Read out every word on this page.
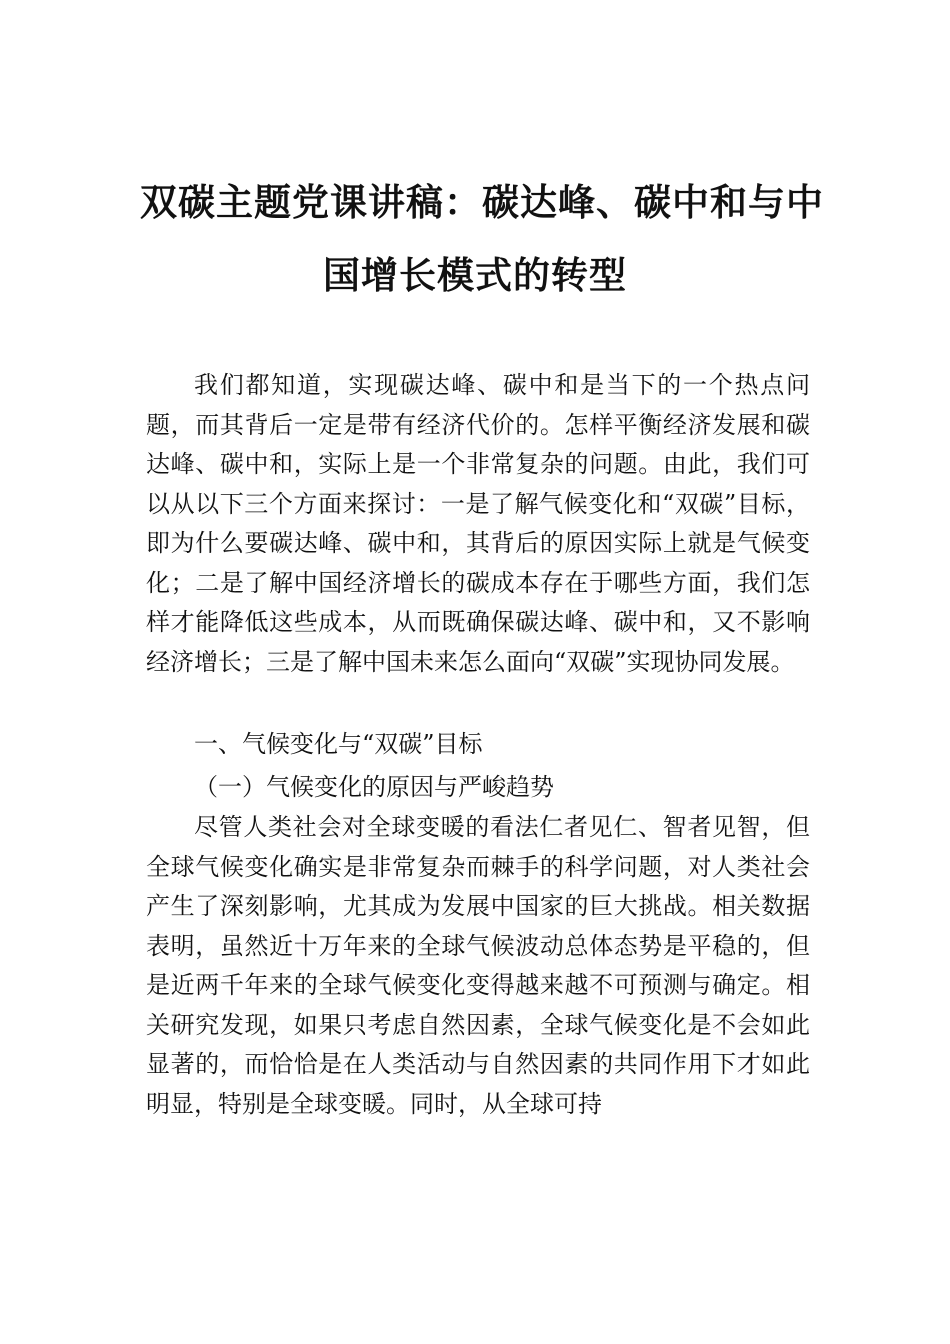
双碳主题党课讲稿：碳达峰、碳中和与中
国增长模式的转型

我们都知道，实现碳达峰、碳中和是当下的一个热点问题，而其背后一定是带有经济代价的。怎样平衡经济发展和碳达峰、碳中和，实际上是一个非常复杂的问题。由此，我们可以从以下三个方面来探讨：一是了解气候变化和“双碳”目标，即为什么要碳达峰、碳中和，其背后的原因实际上就是气候变化；二是了解中国经济增长的碳成本存在于哪些方面，我们怎样才能降低这些成本，从而既确保碳达峰、碳中和，又不影响经济增长；三是了解中国未来怎么面向“双碳”实现协同发展。

一、气候变化与“双碳”目标

（一）气候变化的原因与严峻趋势

尽管人类社会对全球变暖的看法仁者见仁、智者见智，但全球气候变化确实是非常复杂而棘手的科学问题，对人类社会产生了深刻影响，尤其成为发展中国家的巨大挑战。相关数据表明，虽然近十万年来的全球气候波动总体态势是平稳的，但是近两千年来的全球气候变化变得越来越不可预测与确定。相关研究发现，如果只考虑自然因素，全球气候变化是不会如此显著的，而恰恰是在人类活动与自然因素的共同作用下才如此明显，特别是全球变暖。同时，从全球可持
